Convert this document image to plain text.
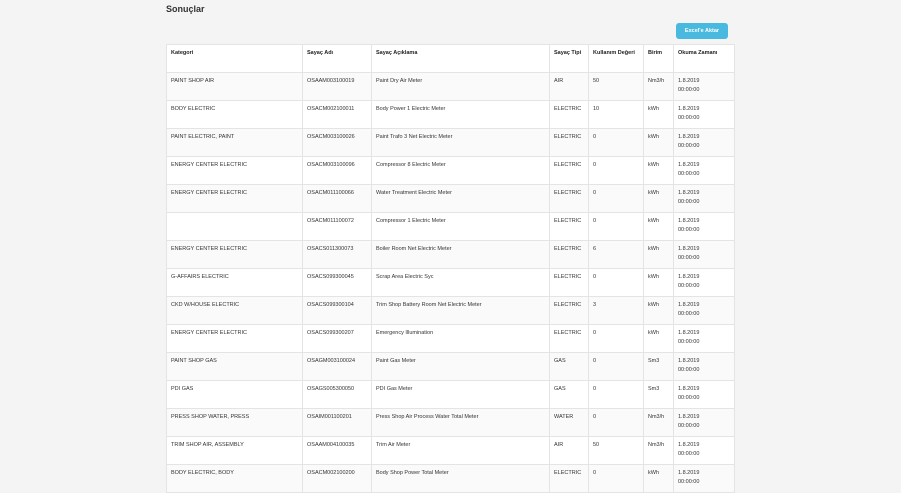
Sonuçlar
Excel'e Aktar
Kategori	Sayaç Adı	Sayaç Açıklama	Sayaç Tipi	Kullanım Değeri	Birim	Okuma Zamanı
PAINT SHOP AIR	OSAAM003100019	Paint Dry Air Meter	AIR	50	Nm3/h	1.8.2019
00:00:00

BODY ELECTRIC	OSACM002100011	Body Power 1 Electric Meter	ELECTRIC	10	kWh	1.8.2019
00:00:00

PAINT ELECTRIC, PAINT	OSACM003100026	Paint Trafo 3 Net Electric Meter	ELECTRIC	0	kWh	1.8.2019
00:00:00

ENERGY CENTER ELECTRIC	OSACM003100096	Compressor 8 Electric Meter	ELECTRIC	0	kWh	1.8.2019
00:00:00

ENERGY CENTER ELECTRIC	OSACM011100066	Water Treatment Electric Meter	ELECTRIC	0	kWh	1.8.2019
00:00:00

	OSACM011100072	Compressor 1 Electric Meter	ELECTRIC	0	kWh	1.8.2019
00:00:00

ENERGY CENTER ELECTRIC	OSACS011300073	Boiler Room Net Electric Meter	ELECTRIC	6	kWh	1.8.2019
00:00:00

G-AFFAIRS ELECTRIC	OSACS099300045	Scrap Area Electric Syc	ELECTRIC	0	kWh	1.8.2019
00:00:00

CKD W/HOUSE ELECTRIC	OSACS099300104	Trim Shop Battery Room Net Electric Meter	ELECTRIC	3	kWh	1.8.2019
00:00:00

ENERGY CENTER ELECTRIC	OSACS099300207	Emergency Illumination	ELECTRIC	0	kWh	1.8.2019
00:00:00

PAINT SHOP GAS	OSAGM003100024	Paint Gas Meter	GAS	0	Sm3	1.8.2019
00:00:00

PDI GAS	OSAGS005300050	PDI Gas Meter	GAS	0	Sm3	1.8.2019
00:00:00

PRESS SHOP WATER, PRESS	OSAIM001100201	Press Shop Air Process Water Total Meter	WATER	0	Nm3/h	1.8.2019
00:00:00

TRIM SHOP AIR, ASSEMBLY	OSAAM004100035	Trim Air Meter	AIR	50	Nm3/h	1.8.2019
00:00:00

BODY ELECTRIC, BODY	OSACM002100200	Body Shop Power Total Meter	ELECTRIC	0	kWh	1.8.2019
00:00:00
